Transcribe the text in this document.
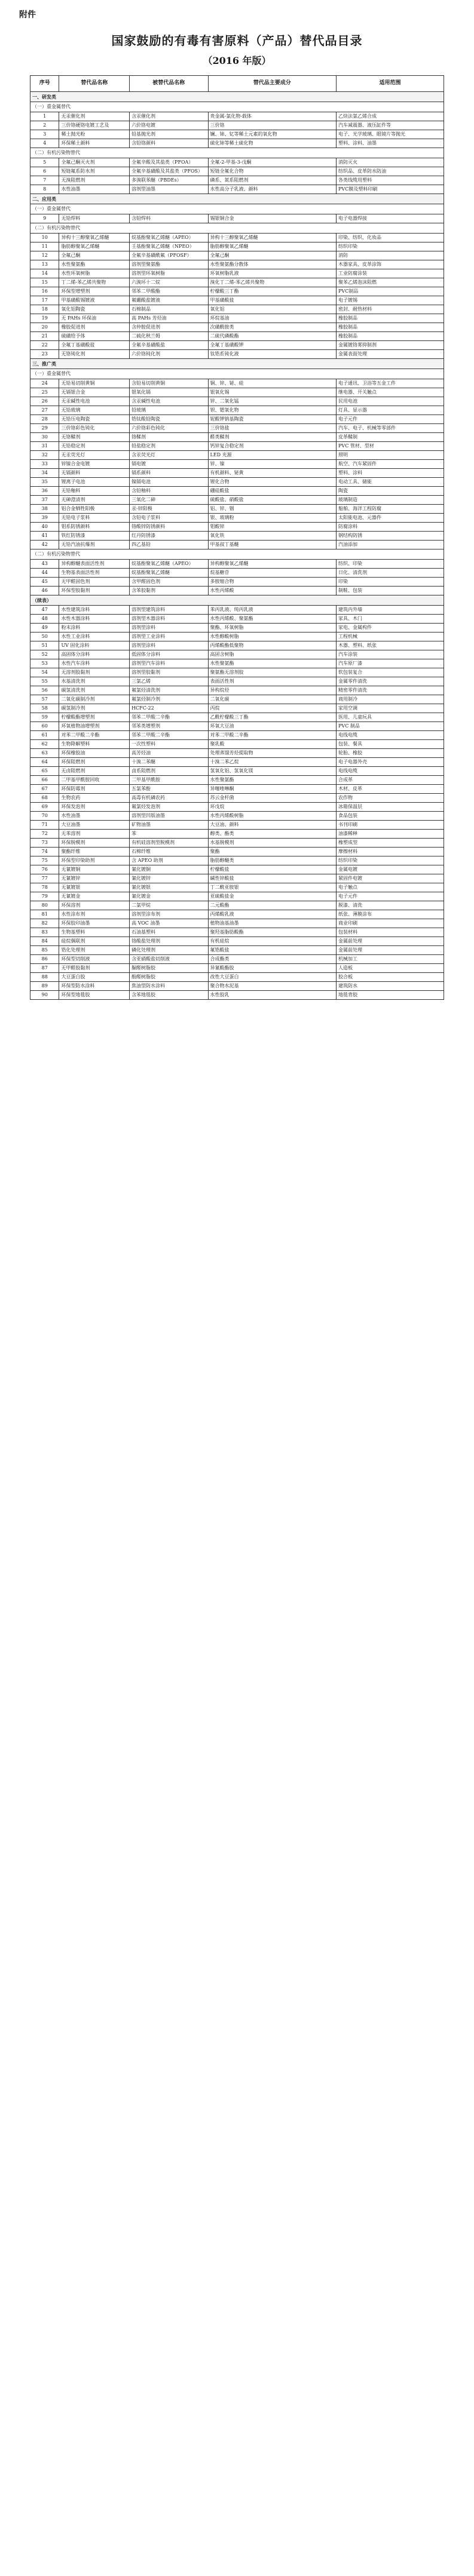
附件
国家鼓励的有毒有害原料（产品）替代品目录
（2016 年版）
序号	替代品名称	被替代品名称	替代品主要成分	适用范围
一、研发类				
（一）重金属替代				
1	无汞催化剂	含汞催化剂	贵金属-氯化物-载体	乙炔法氯乙烯合成
2	三价铬硬铬电镀工艺及	六价铬电镀	三价铬	汽车减震器、液压缸件等
3	稀土抛光粉	铅基抛光剂	镧、铈、钇等稀土元素的氧化物	电子、光学玻璃、眼镜片等抛光
4	环保稀土颜料	含铅铬颜料	硫化铈等稀土硫化物	塑料、涂料、油墨
（二）有机污染物替代				
5	全氟己酮灭火剂	全氟辛酸及其盐类（PFOA）	全氟-2-甲基-3-戊酮	消防灭火
6	短链氟系防水剂	全氟辛基磺酸及其盐类（PFOS）	短链全氟化合物	纺织品、皮革防水防油
7	无溴阻燃剂	多溴联苯醚（PBDEs）	磷系、氮系阻燃剂	各类线缆用塑料
8	水性油墨	溶剂型油墨	水性高分子乳液、颜料	PVC膜及塑料印刷
二、应用类				
（一）重金属替代				
9	无铅焊料	含铅焊料	锡银铜合金	电子电器焊接
（二）有机污染物替代				
10	异构十三醇聚氧乙烯醚	烷基酚聚氧乙烯醚（APEO）	异构十三醇聚氧乙烯醚	印染、纺织、化妆品
11	脂肪醇聚氧乙烯醚	壬基酚聚氧乙烯醚（NPEO）	脂肪醇聚氧乙烯醚	纺织印染
12	全氟己酮	全氟辛基磺酰氟（PFOSF）	全氟己酮	消防
13	水性聚氨酯	溶剂型聚氨酯	水性聚氨酯分散体	木器家具、皮革涂饰
14	水性环氧树脂	溶剂型环氧树脂	环氧树脂乳液	工业防腐涂装
15	丁二烯-苯乙烯共聚物	六溴环十二烷	溴化丁二烯-苯乙烯共聚物	聚苯乙烯泡沫阻燃
16	环保型增塑剂	邻苯二甲酸酯	柠檬酸三丁酯	PVC制品
17	甲基磺酸锡镀液	氟硼酸盐镀液	甲基磺酸盐	电子镀锡
18	氧化铝陶瓷	石棉制品	氧化铝	密封、耐热材料
19	无 PAHs 环保油	高 PAHs 芳烃油	环烷基油	橡胶制品
20	橡胶促进剂	含仲胺促进剂	次磺酰胺类	橡胶制品
21	硫磺给予体	二硫化秋兰姆	二硫代磷酸酯	橡胶制品
22	全氟丁基磺酸盐	全氟辛基磺酸盐	全氟丁基磺酸钾	金属镀铬雾抑制剂
23	无铬钝化剂	六价铬钝化剂	钛锆系钝化液	金属表面处理
三、推广类				
（一）重金属替代				
24	无铅易切削黄铜	含铅易切削黄铜	铜、锌、铋、硅	电子通讯、卫浴等五金工件
25	无镉银合金	银氧化镉	银氧化锡	继电器、开关触点
26	无汞碱性电池	含汞碱性电池	锌、二氧化锰	民用电池
27	无铅玻璃	铅玻璃	钡、锶氧化物	灯具、显示器
28	无铅压电陶瓷	锆钛酸铅陶瓷	铌酸钾钠基陶瓷	电子元件
29	三价铬彩色钝化	六价铬彩色钝化	三价铬盐	汽车、电子、机械等零部件
30	无铬鞣剂	铬鞣剂	醛类鞣剂	皮革鞣制
31	无铅稳定剂	铅盐稳定剂	钙锌复合稳定剂	PVC 管材、型材
32	无汞荧光灯	含汞荧光灯	LED 光源	照明
33	锌镍合金电镀	镉电镀	锌、镍	航空、汽车紧固件
34	无镉颜料	镉系颜料	有机颜料、铋黄	塑料、涂料
35	锂离子电池	镍镉电池	锂化合物	电动工具、储能
36	无铅釉料	含铅釉料	硼硅酸盐	陶瓷
37	无砷澄清剂	三氧化二砷	硫酸盐、硝酸盐	玻璃制造
38	铝合金牺牲阳极	汞-锌阳极	铝、锌、铟	船舶、海洋工程防腐
39	无铅电子浆料	含铅电子浆料	银、玻璃粉	太阳能电池、元器件
40	钼系防锈颜料	铬酸锌防锈颜料	钼酸锌	防腐涂料
41	铁红防锈漆	红丹防锈漆	氧化铁	钢结构防锈
42	无铅汽油抗爆剂	四乙基铅	甲基叔丁基醚	汽油添加
（二）有机污染物替代				
43	异构醇醚表面活性剂	烷基酚聚氧乙烯醚（APEO）	异构醇聚氧乙烯醚	纺织、印染
44	生物基表面活性剂	烷基酚聚氧乙烯醚	烷基糖苷	日化、清洗剂
45	无甲醛固色剂	含甲醛固色剂	多胺缩合物	印染
46	环保型胶黏剂	含苯胶黏剂	水性丙烯酸	制鞋、包装
（续表）				
47	水性建筑涂料	溶剂型建筑涂料	苯丙乳液、纯丙乳液	建筑内外墙
48	水性木器涂料	溶剂型木器涂料	水性丙烯酸、聚氨酯	家具、木门
49	粉末涂料	溶剂型涂料	聚酯、环氧树脂	家电、金属构件
50	水性工业涂料	溶剂型工业涂料	水性醇酸树脂	工程机械
51	UV 固化涂料	溶剂型涂料	丙烯酸酯低聚物	木器、塑料、纸张
52	高固体分涂料	低固体分涂料	高固含树脂	汽车涂装
53	水性汽车涂料	溶剂型汽车涂料	水性聚氨酯	汽车原厂漆
54	无溶剂胶黏剂	溶剂型胶黏剂	聚氨酯无溶剂胶	软包装复合
55	水基清洗剂	三氯乙烯	表面活性剂	金属零件清洗
56	碳氢清洗剂	氟氯烃清洗剂	异构烷烃	精密零件清洗
57	二氧化碳制冷剂	氟氯烃制冷剂	二氧化碳	商用制冷
58	碳氢制冷剂	HCFC-22	丙烷	家用空调
59	柠檬酸酯增塑剂	邻苯二甲酸二辛酯	乙酰柠檬酸三丁酯	医用、儿童玩具
60	环氧植物油增塑剂	邻苯类增塑剂	环氧大豆油	PVC 制品
61	对苯二甲酸二辛酯	邻苯二甲酸二辛酯	对苯二甲酸二辛酯	电线电缆
62	生物降解塑料	一次性塑料	聚乳酸	包装、餐具
63	环保橡胶油	高芳烃油	处理蒸馏芳烃提取物	轮胎、橡胶
64	环保阻燃剂	十溴二苯醚	十溴二苯乙烷	电子电器外壳
65	无卤阻燃剂	卤系阻燃剂	氢氧化铝、氢氧化镁	电线电缆
66	二甲基甲酰胺回收	二甲基甲酰胺	水性聚氨酯	合成革
67	环保防霉剂	五氯苯酚	异噻唑啉酮	木材、皮革
68	生物农药	高毒有机磷农药	苏云金杆菌	农作物
69	环保发泡剂	氟氯烃发泡剂	环戊烷	冰箱保温层
70	水性油墨	溶剂型凹版油墨	水性丙烯酸树脂	食品包装
71	大豆油墨	矿物油墨	大豆油、颜料	书刊印刷
72	无苯溶剂	苯	醇类、酯类	油漆稀释
73	环保脱模剂	有机硅溶剂型脱模剂	水基脱模剂	橡塑成型
74	聚酯纤维	石棉纤维	聚酯	摩擦材料
75	环保型印染助剂	含 APEO 助剂	脂肪醇醚类	纺织印染
76	无氰镀铜	氰化镀铜	柠檬酸盐	金属电镀
77	无氰镀锌	氰化镀锌	碱性锌酸盐	紧固件电镀
78	无氰镀银	氰化镀银	丁二酰亚胺银	电子触点
79	无氰镀金	氰化镀金	亚硫酸盐金	电子元件
80	环保溶剂	二氯甲烷	二元酸酯	脱漆、清洗
81	水性涂布剂	溶剂型涂布剂	丙烯酸乳液	纸张、薄膜涂布
82	环保胶印油墨	高 VOC 油墨	植物油基油墨	商业印刷
83	生物基塑料	石油基塑料	聚羟基脂肪酸酯	包装材料
84	硅烷偶联剂	铬酸盐处理剂	有机硅烷	金属前处理
85	锆化处理剂	磷化处理剂	氟锆酸盐	金属前处理
86	环保型切削液	含亚硝酸盐切削液	合成酯类	机械加工
87	无甲醛胶黏剂	脲醛树脂胶	异氰酸酯胶	人造板
88	大豆蛋白胶	酚醛树脂胶	改性大豆蛋白	胶合板
89	环保型防水涂料	焦油型防水涂料	聚合物水泥基	建筑防水
90	环保型地毯胶	含苯地毯胶	水性胶乳	地毯背胶
